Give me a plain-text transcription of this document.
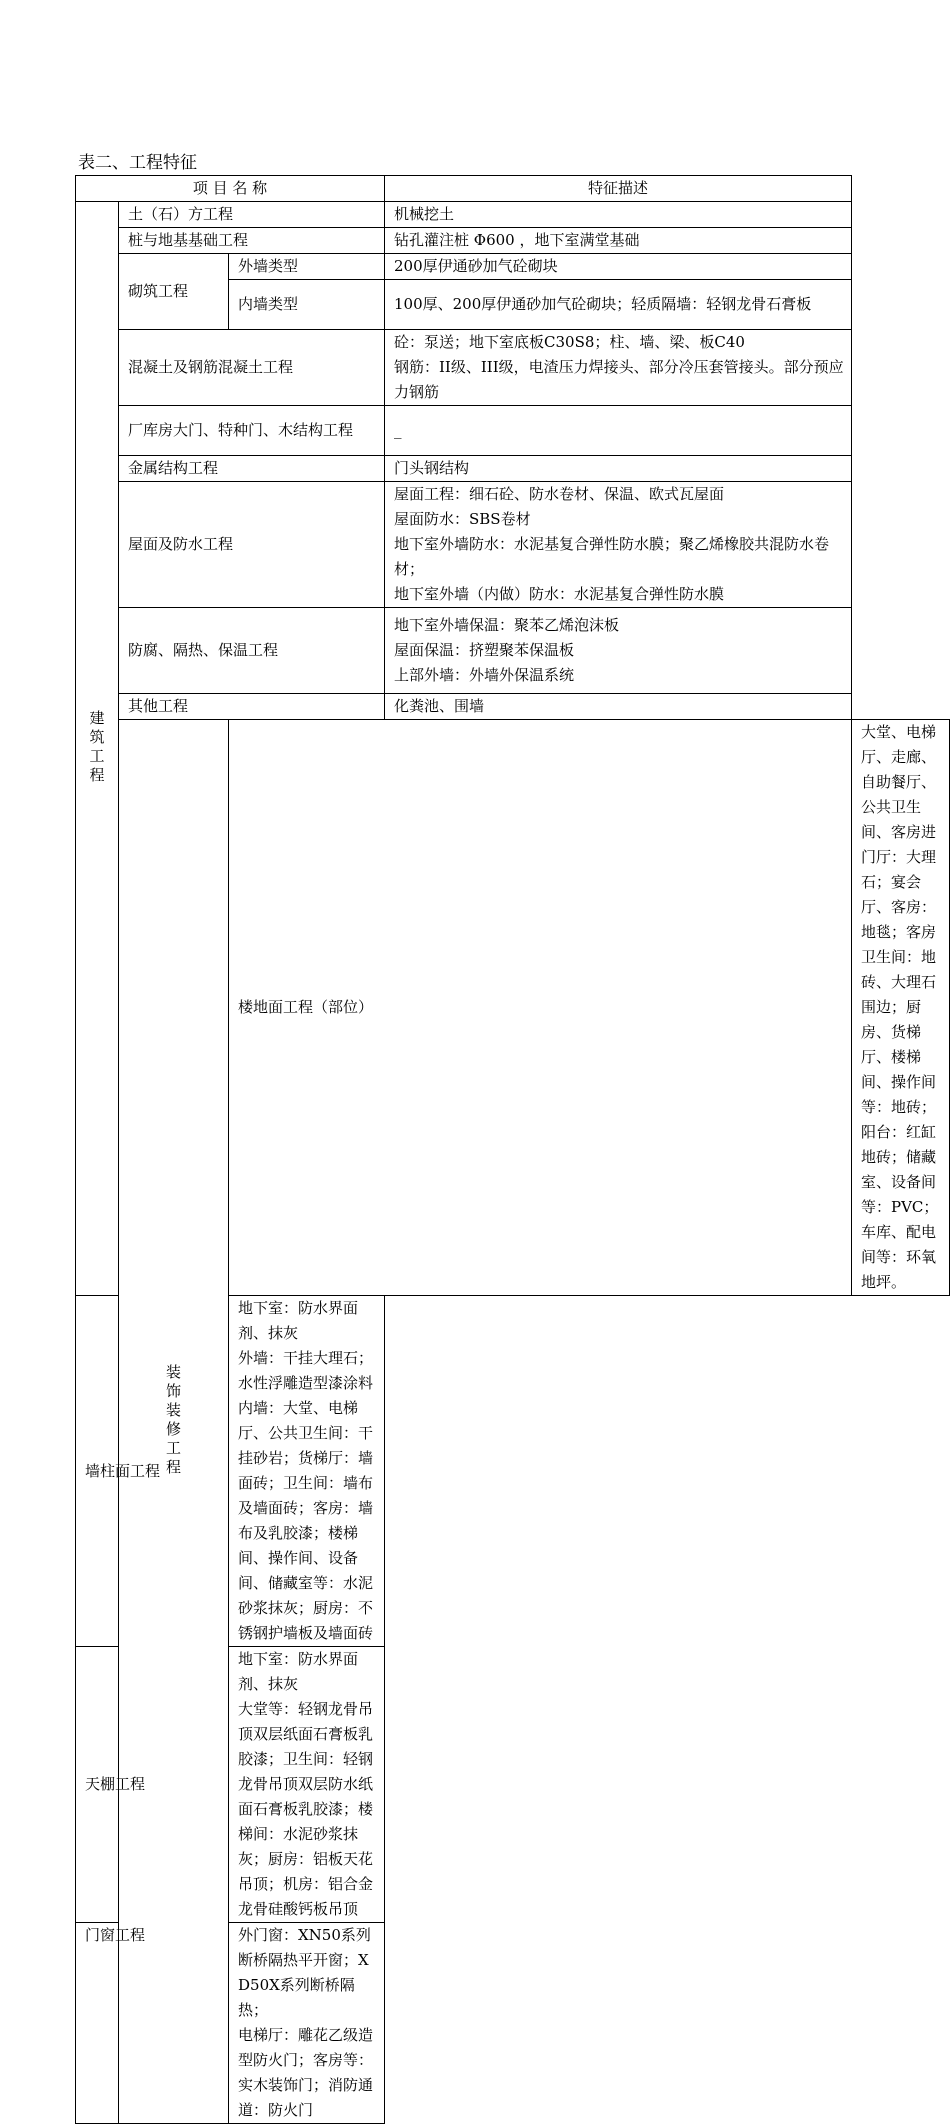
表二、工程特征
项 目 名 称			特征描述	
建筑工程	土（石）方工程		机械挖土	
	桩与地基基础工程		钻孔灌注桩 Φ600 ，地下室满堂基础	
	砌筑工程	外墙类型	200厚伊通砂加气砼砌块	
		内墙类型	100厚、200厚伊通砂加气砼砌块；轻质隔墙：轻钢龙骨石膏板	
	混凝土及钢筋混凝土工程		砼：泵送；地下室底板C30S8；柱、墙、梁、板C40
钢筋：II级、III级，电渣压力焊接头、部分冷压套管接头。部分预应力钢筋	

	厂库房大门、特种门、木结构工程		_	
	金属结构工程		门头钢结构	
	屋面及防水工程		屋面工程：细石砼、防水卷材、保温、欧式瓦屋面
屋面防水：SBS卷材
地下室外墙防水：水泥基复合弹性防水膜；聚乙烯橡胶共混防水卷材；
地下室外墙（内做）防水：水泥基复合弹性防水膜	

	防腐、隔热、保温工程		地下室外墙保温：聚苯乙烯泡沫板
屋面保温：挤塑聚苯保温板
上部外墙：外墙外保温系统	

	其他工程		化粪池、围墙	
	装饰装修工程	楼地面工程（部位）		大堂、电梯厅、走廊、自助餐厅、公共卫生间、客房进门厅：大理石；宴会厅、客房：地毯；客房卫生间：地砖、大理石围边；厨房、货梯厅、楼梯间、操作间等：地砖；阳台：红缸地砖；储藏室、设备间等：PVC；车库、配电间等：环氧地坪。
墙柱面工程		地下室：防水界面剂、抹灰
外墙：干挂大理石；水性浮雕造型漆涂料
内墙：大堂、电梯厅、公共卫生间：干挂砂岩；货梯厅：墙面砖；卫生间：墙布及墙面砖；客房：墙布及乳胶漆；楼梯间、操作间、设备间、储藏室等：水泥砂浆抹灰；厨房：不锈钢护墙板及墙面砖		

天棚工程		地下室：防水界面剂、抹灰
大堂等：轻钢龙骨吊顶双层纸面石膏板乳胶漆；卫生间：轻钢龙骨吊顶双层防水纸面石膏板乳胶漆；楼梯间：水泥砂浆抹灰；厨房：铝板天花吊顶；机房：铝合金龙骨硅酸钙板吊顶		

门窗工程		外门窗：XN50系列断桥隔热平开窗；XD50X系列断桥隔热；
电梯厅：雕花乙级造型防火门；客房等：实木装饰门；消防通道：防火门		
